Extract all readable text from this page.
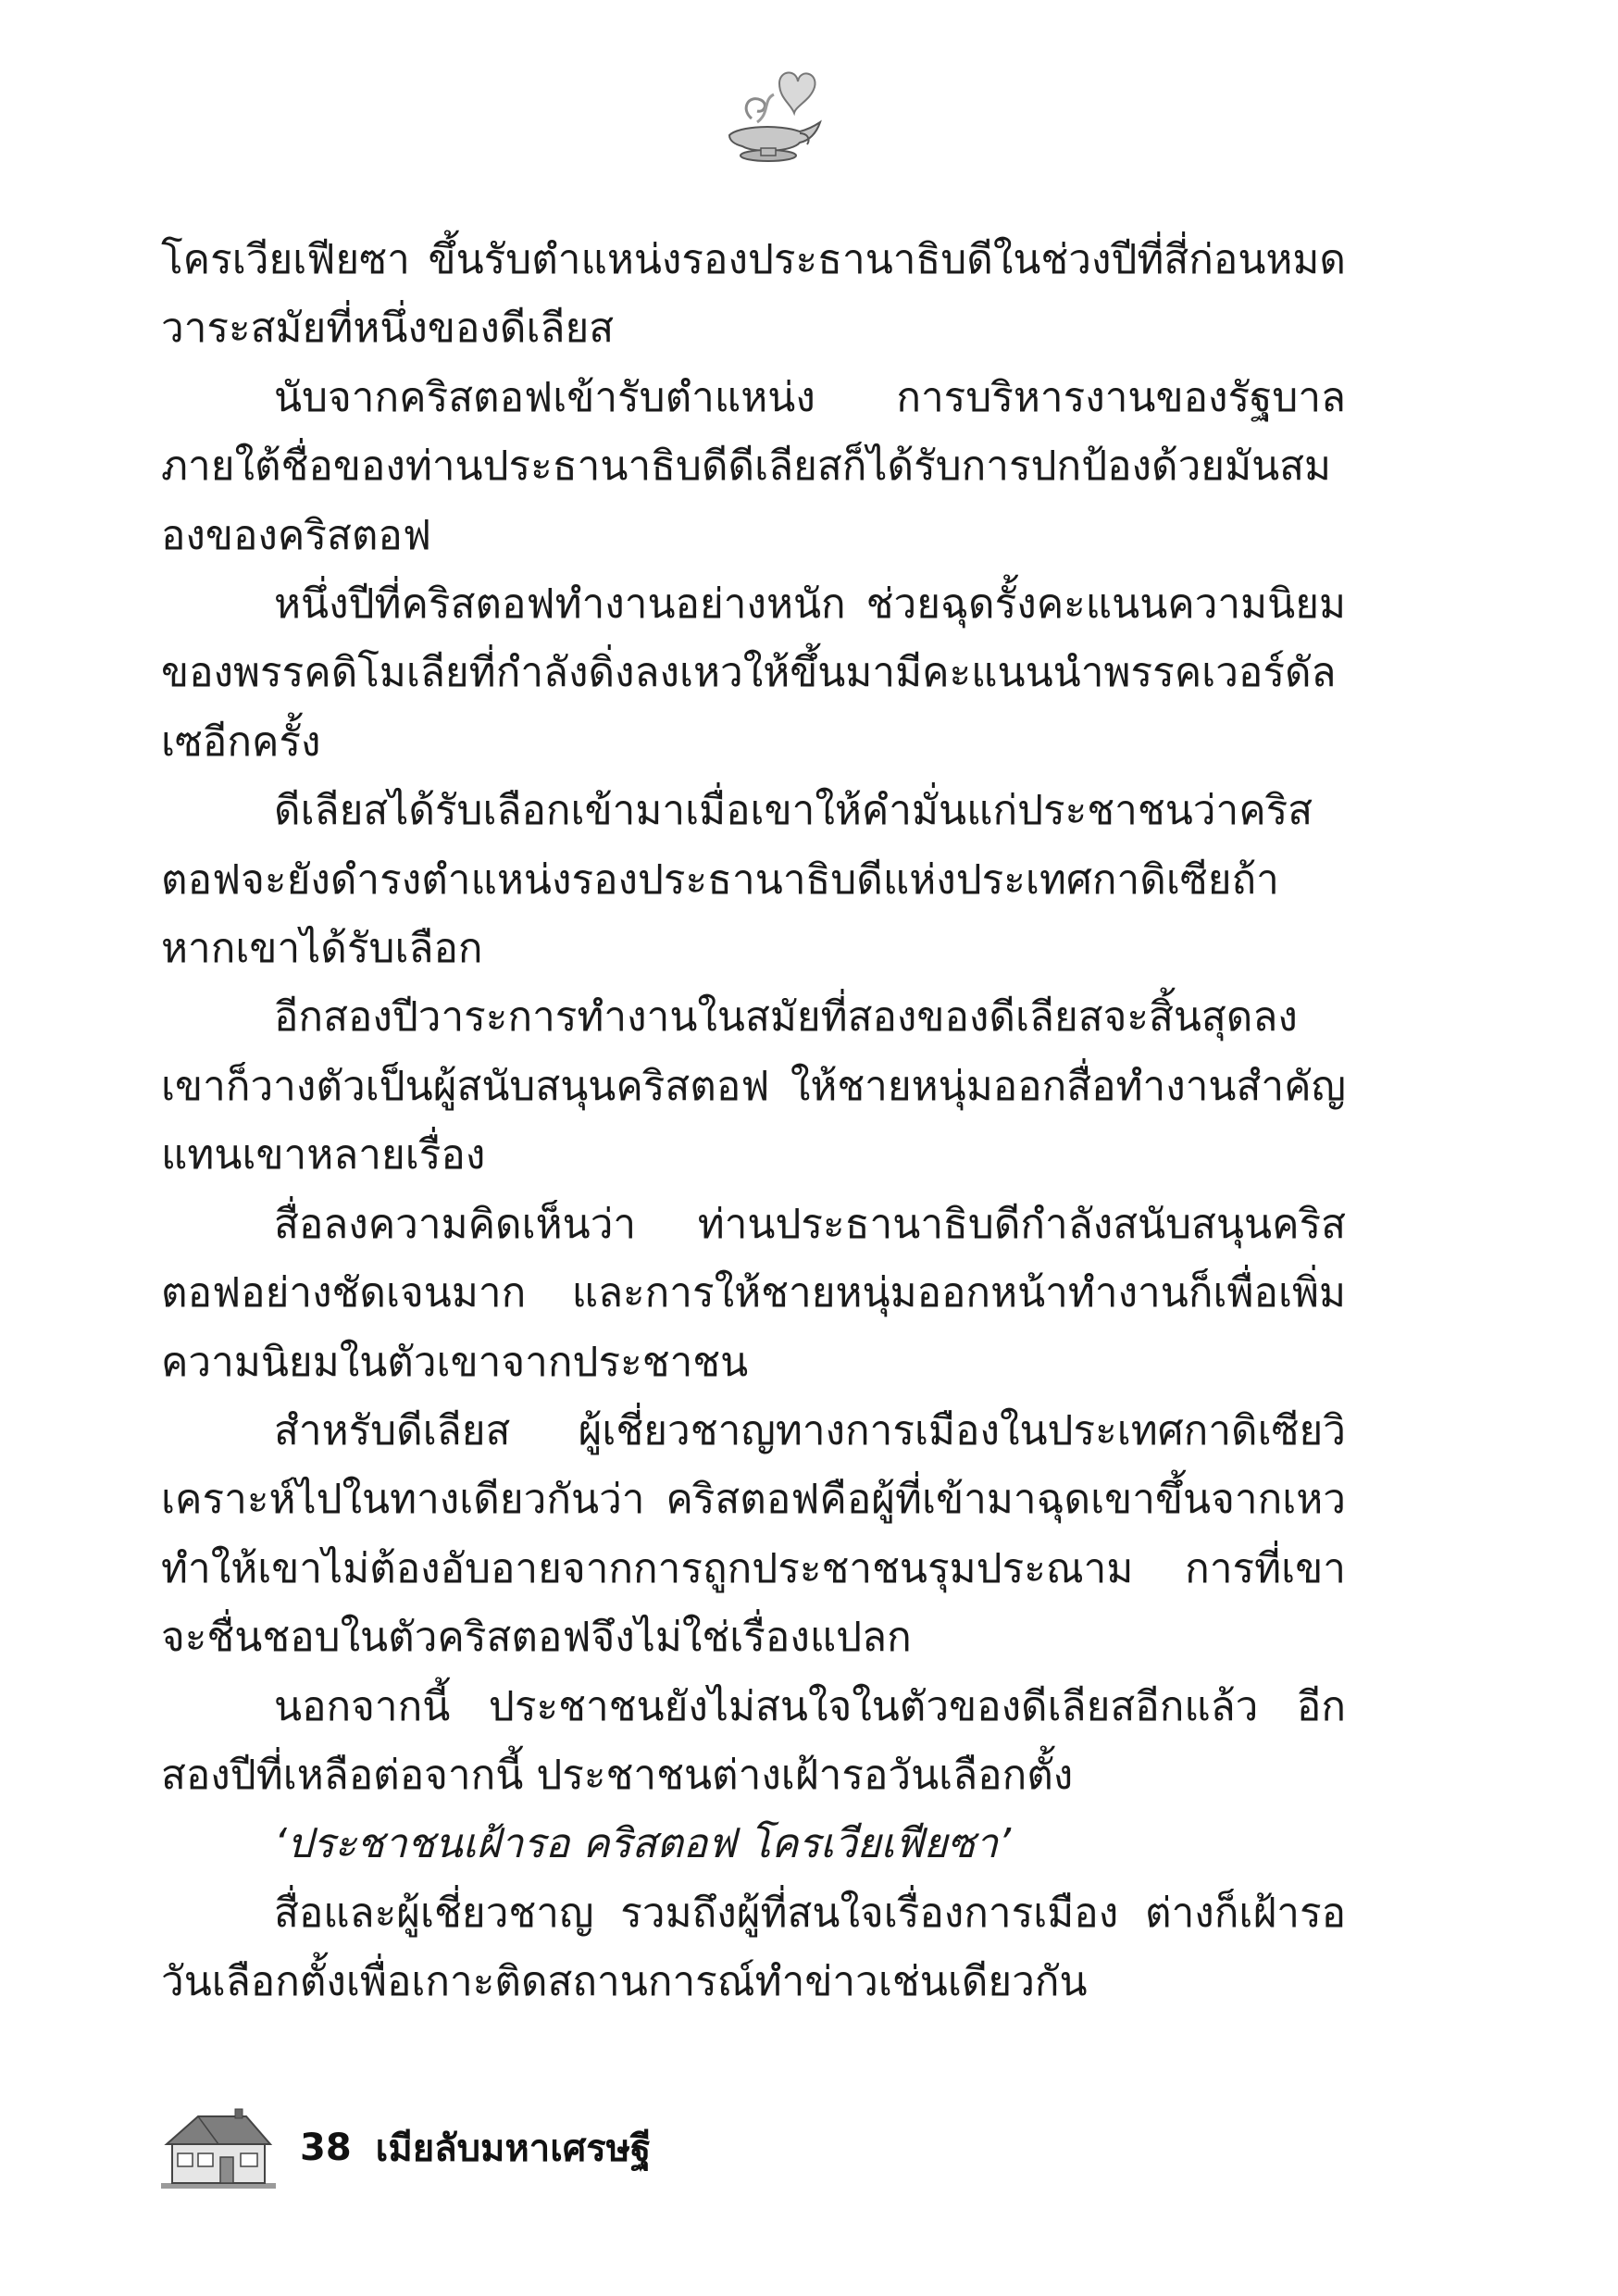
โครเวียเฟียซา ขึ้นรับตำแหน่งรองประธานาธิบดีในช่วงปีที่สี่ก่อนหมดวาระสมัยที่หนึ่งของดีเลียส

นับจากคริสตอฟเข้ารับตำแหน่ง การบริหารงานของรัฐบาลภายใต้ชื่อของท่านประธานาธิบดีดีเลียสก็ได้รับการปกป้องด้วยมันสมองของคริสตอฟ

หนึ่งปีที่คริสตอฟทำงานอย่างหนัก ช่วยฉุดรั้งคะแนนความนิยมของพรรคดิโมเลียที่กำลังดิ่งลงเหวให้ขึ้นมามีคะแนนนำพรรคเวอร์ดัลเซอีกครั้ง

ดีเลียสได้รับเลือกเข้ามาเมื่อเขาให้คำมั่นแก่ประชาชนว่าคริสตอฟจะยังดำรงตำแหน่งรองประธานาธิบดีแห่งประเทศกาดิเซียถ้าหากเขาได้รับเลือก

อีกสองปีวาระการทำงานในสมัยที่สองของดีเลียสจะสิ้นสุดลง เขาก็วางตัวเป็นผู้สนับสนุนคริสตอฟ ให้ชายหนุ่มออกสื่อทำงานสำคัญแทนเขาหลายเรื่อง

สื่อลงความคิดเห็นว่า ท่านประธานาธิบดีกำลังสนับสนุนคริสตอฟอย่างชัดเจนมาก และการให้ชายหนุ่มออกหน้าทำงานก็เพื่อเพิ่มความนิยมในตัวเขาจากประชาชน

สำหรับดีเลียส ผู้เชี่ยวชาญทางการเมืองในประเทศกาดิเซียวิเคราะห์ไปในทางเดียวกันว่า คริสตอฟคือผู้ที่เข้ามาฉุดเขาขึ้นจากเหวทำให้เขาไม่ต้องอับอายจากการถูกประชาชนรุมประณาม การที่เขาจะชื่นชอบในตัวคริสตอฟจึงไม่ใช่เรื่องแปลก

นอกจากนี้ ประชาชนยังไม่สนใจในตัวของดีเลียสอีกแล้ว อีกสองปีที่เหลือต่อจากนี้ ประชาชนต่างเฝ้ารอวันเลือกตั้ง

‘ประชาชนเฝ้ารอ คริสตอฟ โครเวียเฟียซา’

สื่อและผู้เชี่ยวชาญ รวมถึงผู้ที่สนใจเรื่องการเมือง ต่างก็เฝ้ารอวันเลือกตั้งเพื่อเกาะติดสถานการณ์ทำข่าวเช่นเดียวกัน

38 เมียลับมหาเศรษฐี
